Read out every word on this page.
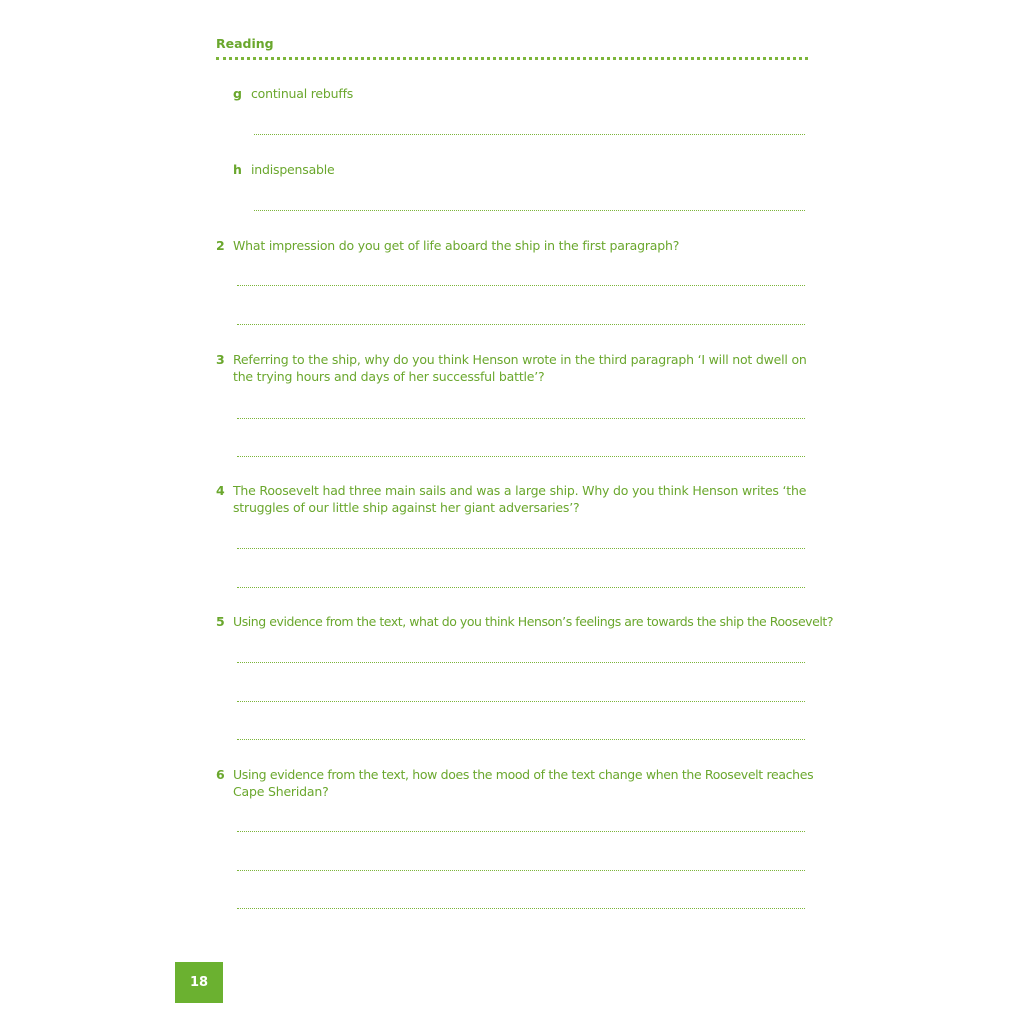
Reading
g continual rebuffs
h indispensable
2 What impression do you get of life aboard the ship in the first paragraph?
3 Referring to the ship, why do you think Henson wrote in the third paragraph ‘I will not dwell on
the trying hours and days of her successful battle’?
4 The Roosevelt had three main sails and was a large ship. Why do you think Henson writes ‘the
struggles of our little ship against her giant adversaries’?
5 Using evidence from the text, what do you think Henson’s feelings are towards the ship the Roosevelt?
6 Using evidence from the text, how does the mood of the text change when the Roosevelt reaches
Cape Sheridan?
18
